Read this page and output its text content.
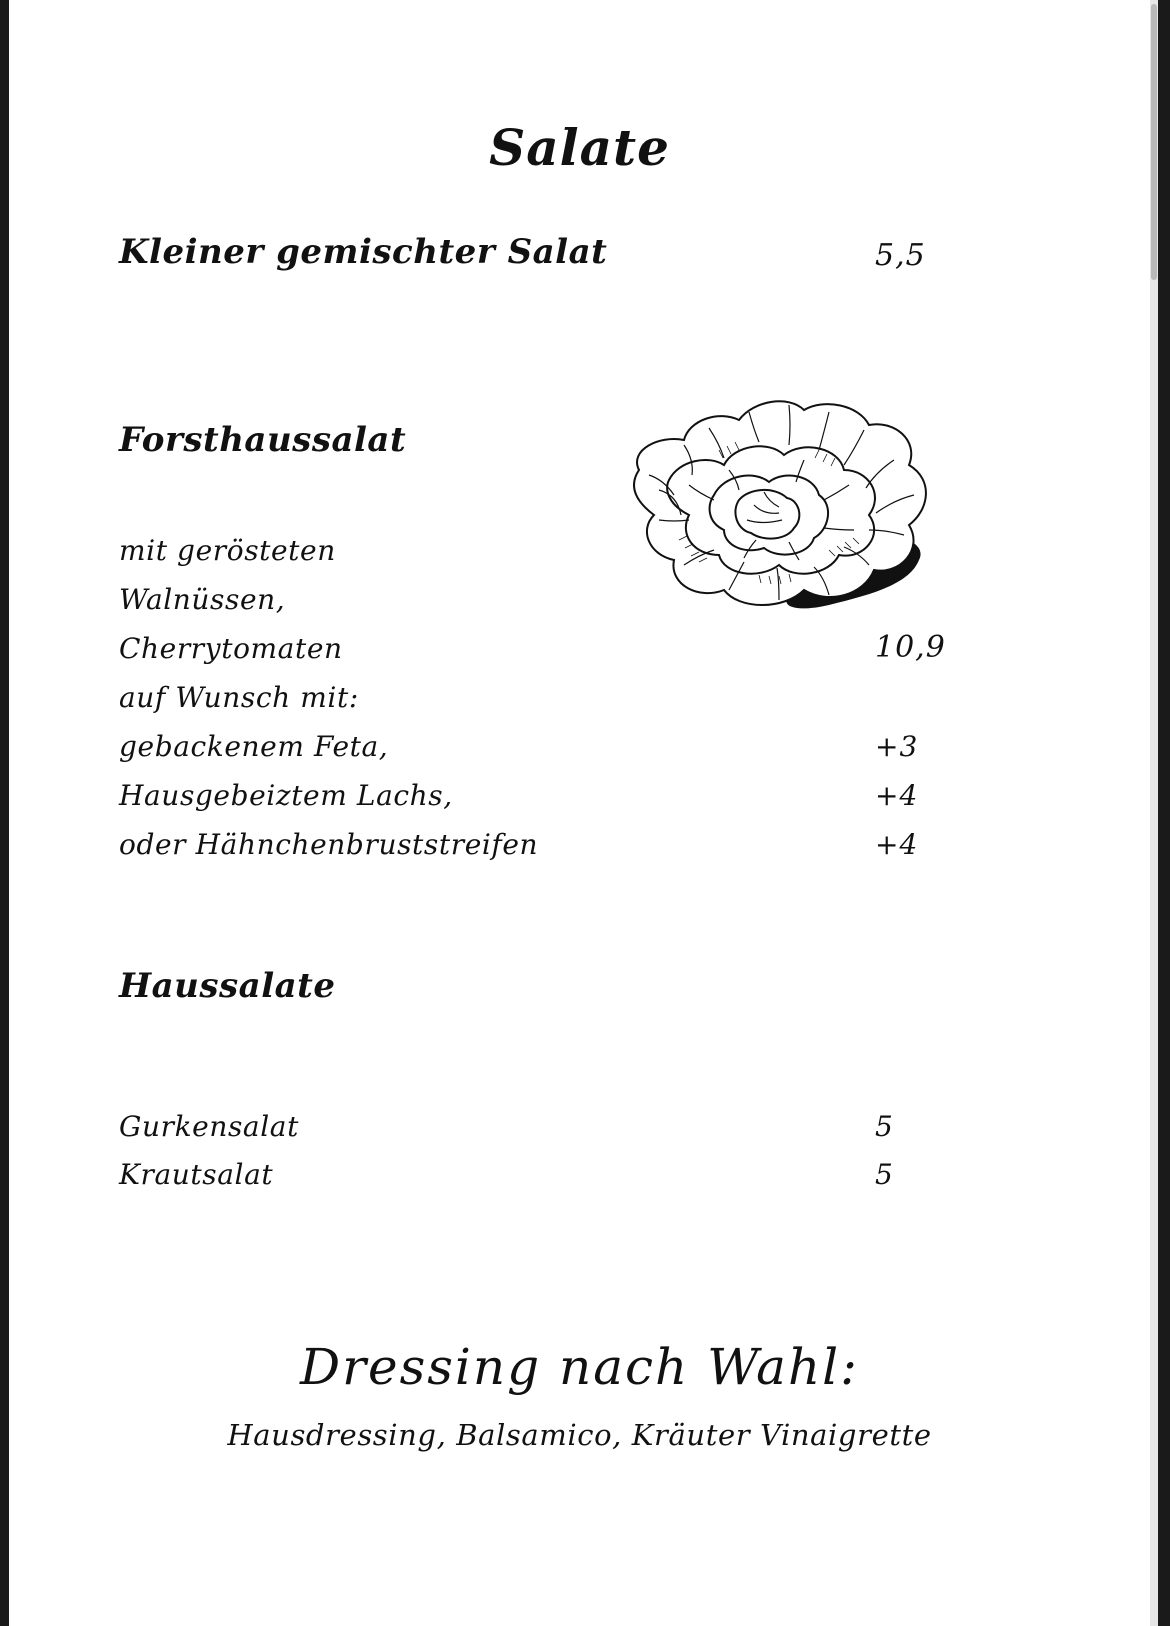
Salate
Kleiner gemischter Salat	5,5
Forsthaussalat
mit gerösteten
Walnüssen,
Cherrytomaten	10,9
auf Wunsch mit:
gebackenem Feta,	+3
Hausgebeiztem Lachs,	+4
oder Hähnchenbruststreifen	+4
Haussalate
Gurkensalat	5
Krautsalat	5
Dressing nach Wahl:
Hausdressing, Balsamico, Kräuter Vinaigrette
